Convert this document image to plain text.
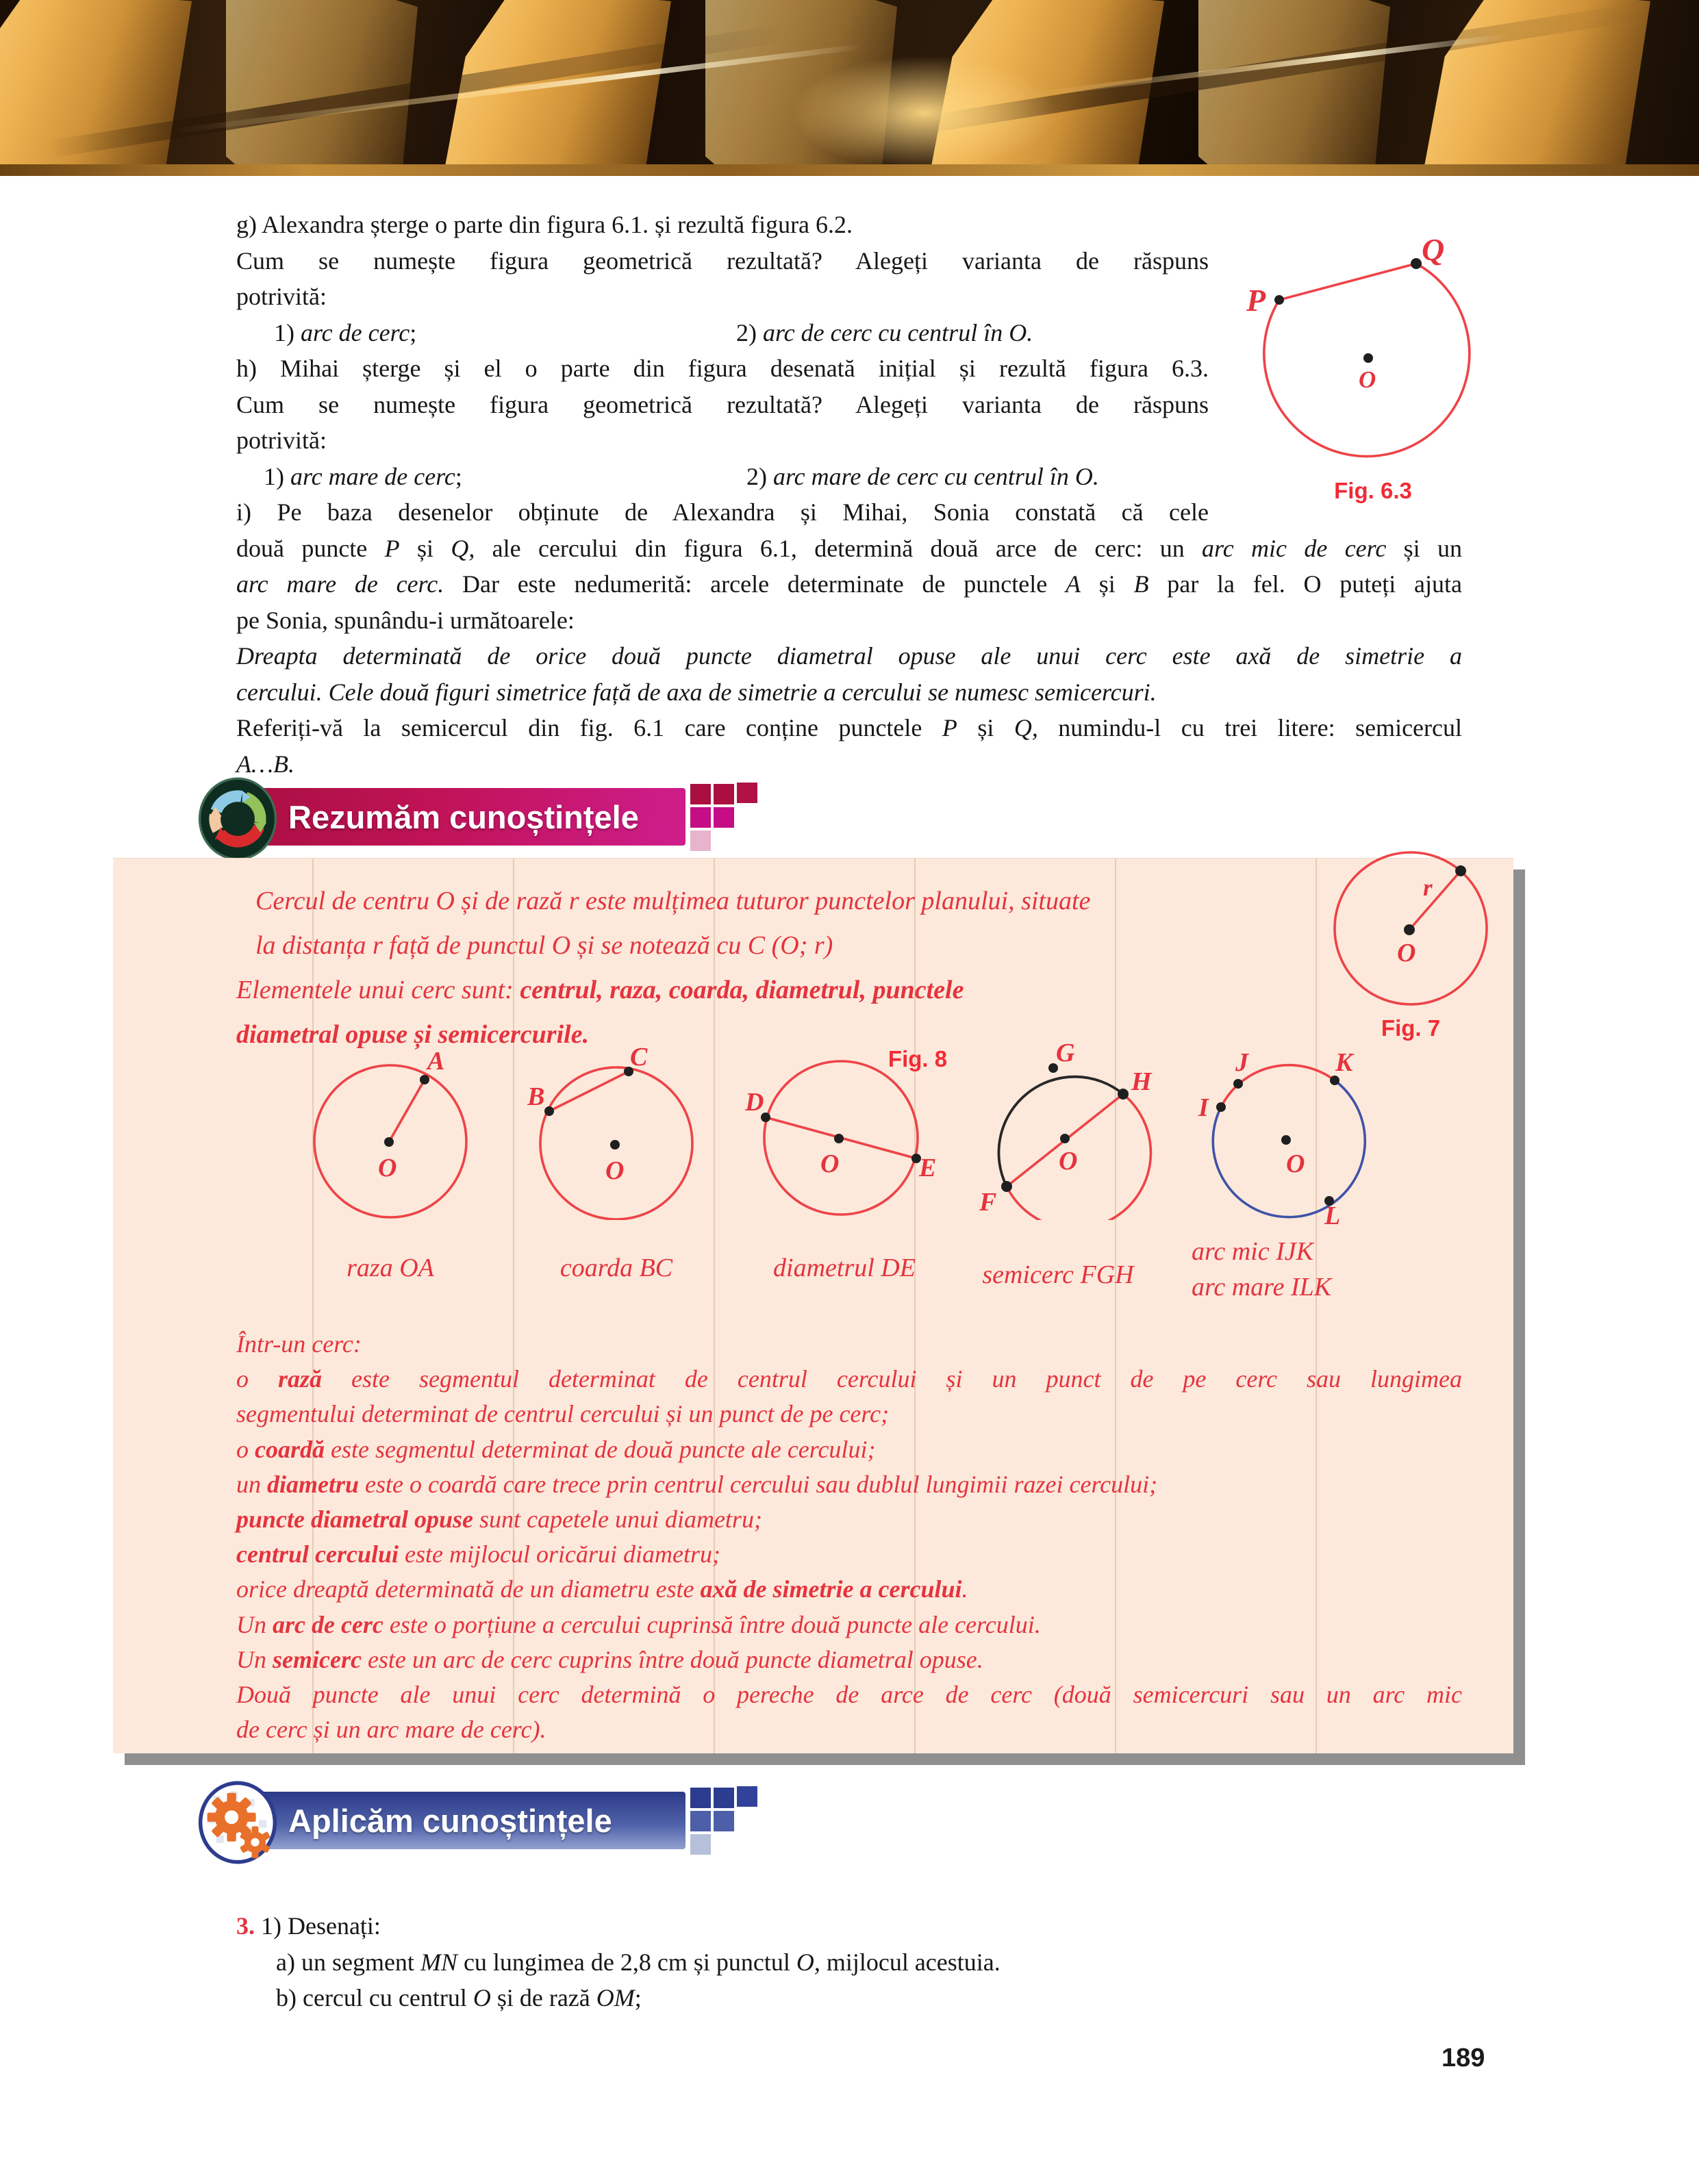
g) Alexandra șterge o parte din figura 6.1. și rezultă figura 6.2.
Cum se numește figura geometrică rezultată? Alegeți varianta de răspuns
potrivită:
1) arc de cerc;	2) arc de cerc cu centrul în O.
h) Mihai șterge și el o parte din figura desenată inițial și rezultă figura 6.3.
Cum se numește figura geometrică rezultată? Alegeți varianta de răspuns
potrivită:
1) arc mare de cerc;	2) arc mare de cerc cu centrul în O.
i) Pe baza desenelor obținute de Alexandra și Mihai, Sonia constată că cele
două puncte P și Q, ale cercului din figura 6.1, determină două arce de cerc: un arc mic de cerc și un
arc mare de cerc. Dar este nedumerită: arcele determinate de punctele A și B par la fel. O puteți ajuta
pe Sonia, spunându-i următoarele:
Dreapta determinată de orice două puncte diametral opuse ale unui cerc este axă de simetrie a
cercului. Cele două figuri simetrice față de axa de simetrie a cercului se numesc semicercuri.
Referiți-vă la semicercul din fig. 6.1 care conține punctele P și Q, numindu-l cu trei litere: semicercul
A…B.
P
Q
O
Fig. 6.3
Rezumăm cunoștințele
Cercul de centru O și de rază r este mulțimea tuturor punctelor planului, situate
la distanța r față de punctul O și se notează cu C (O; r)
Elementele unui cerc sunt: centrul, raza, coarda, diametrul, punctele
diametral opuse și semicercurile.
r
O
Fig. 7
Fig. 8
A
O
raza OA
B
C
O
coarda BC
D
E
O
diametrul DE
G
H
F
O
semicerc FGH
I
J	K
L
O
arc mic IJK
arc mare ILK
Într-un cerc:
o rază este segmentul determinat de centrul cercului și un punct de pe cerc sau lungimea
segmentului determinat de centrul cercului și un punct de pe cerc;
o coardă este segmentul determinat de două puncte ale cercului;
un diametru este o coardă care trece prin centrul cercului sau dublul lungimii razei cercului;
puncte diametral opuse sunt capetele unui diametru;
centrul cercului este mijlocul oricărui diametru;
orice dreaptă determinată de un diametru este axă de simetrie a cercului.
Un arc de cerc este o porțiune a cercului cuprinsă între două puncte ale cercului.
Un semicerc este un arc de cerc cuprins între două puncte diametral opuse.
Două puncte ale unui cerc determină o pereche de arce de cerc (două semicercuri sau un arc mic
de cerc și un arc mare de cerc).
Aplicăm cunoștințele
3. 1) Desenați:
a) un segment MN cu lungimea de 2,8 cm și punctul O, mijlocul acestuia.
b) cercul cu centrul O și de rază OM;
189
